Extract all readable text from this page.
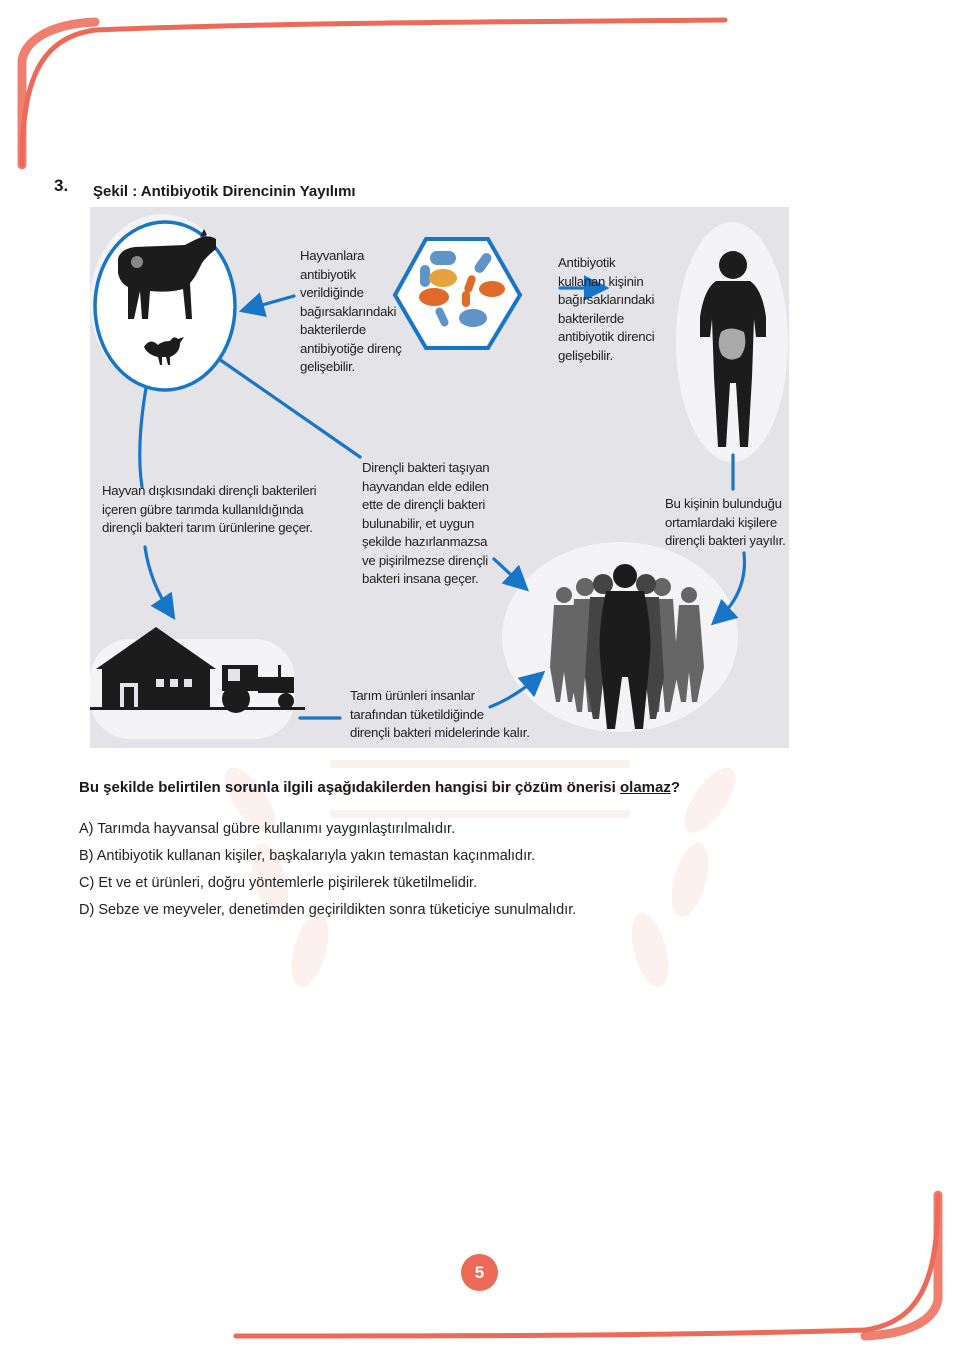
3. Şekil : Antibiyotik Direncinin Yayılımı
Hayvanlara
antibiyotik
verildiğinde
bağırsaklarındaki
bakterilerde
antibiyotiğe direnç
gelişebilir.
Antibiyotik
kullanan kişinin
bağırsaklarındaki
bakterilerde
antibiyotik direnci
gelişebilir.
Hayvan dışkısındaki dirençli bakterileri
içeren gübre tarımda kullanıldığında
dirençli bakteri tarım ürünlerine geçer.
Dirençli bakteri taşıyan
hayvandan elde edilen
ette de dirençli bakteri
bulunabilir, et uygun
şekilde hazırlanmazsa
ve pişirilmezse dirençli
bakteri insana geçer.
Bu kişinin bulunduğu
ortamlardaki kişilere
dirençli bakteri yayılır.
Tarım ürünleri insanlar
tarafından tüketildiğinde
dirençli bakteri midelerinde kalır.
Bu şekilde belirtilen sorunla ilgili aşağıdakilerden hangisi bir çözüm önerisi olamaz?
A) Tarımda hayvansal gübre kullanımı yaygınlaştırılmalıdır.
B) Antibiyotik kullanan kişiler, başkalarıyla yakın temastan kaçınmalıdır.
C) Et ve et ürünleri, doğru yöntemlerle pişirilerek tüketilmelidir.
D) Sebze ve meyveler, denetimden geçirildikten sonra tüketiciye sunulmalıdır.
5
